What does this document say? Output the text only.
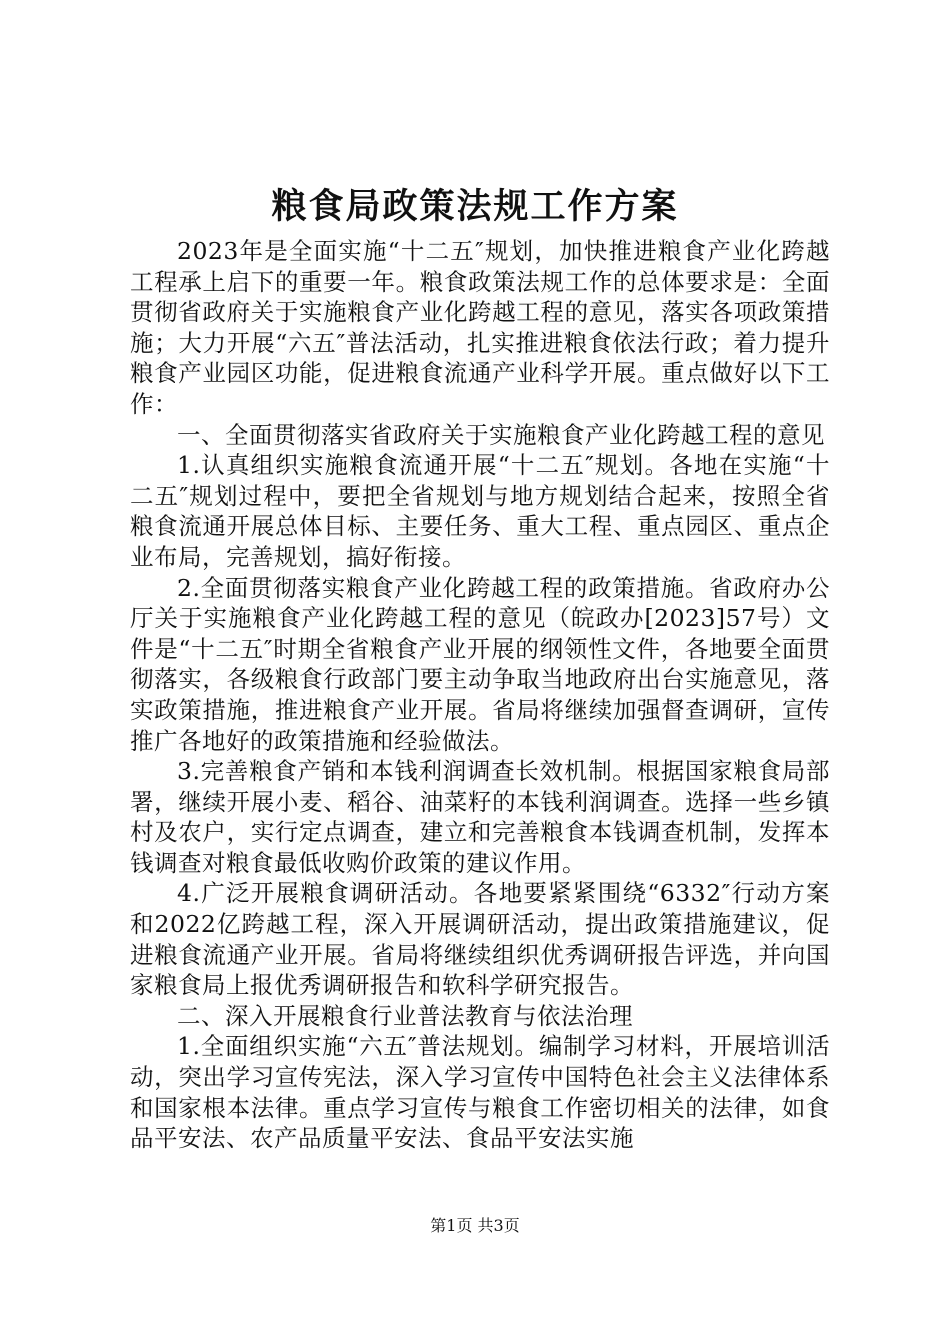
粮食局政策法规工作方案

2023年是全面实施“十二五″规划，加快推进粮食产业化跨越工程承上启下的重要一年。粮食政策法规工作的总体要求是：全面贯彻省政府关于实施粮食产业化跨越工程的意见，落实各项政策措施；大力开展“六五″普法活动，扎实推进粮食依法行政；着力提升粮食产业园区功能，促进粮食流通产业科学开展。重点做好以下工作：

一、全面贯彻落实省政府关于实施粮食产业化跨越工程的意见

1.认真组织实施粮食流通开展“十二五″规划。各地在实施“十二五″规划过程中，要把全省规划与地方规划结合起来，按照全省粮食流通开展总体目标、主要任务、重大工程、重点园区、重点企业布局，完善规划，搞好衔接。

2.全面贯彻落实粮食产业化跨越工程的政策措施。省政府办公厅关于实施粮食产业化跨越工程的意见（皖政办[2023]57号）文件是“十二五″时期全省粮食产业开展的纲领性文件，各地要全面贯彻落实，各级粮食行政部门要主动争取当地政府出台实施意见，落实政策措施，推进粮食产业开展。省局将继续加强督查调研，宣传推广各地好的政策措施和经验做法。

3.完善粮食产销和本钱利润调查长效机制。根据国家粮食局部署，继续开展小麦、稻谷、油菜籽的本钱利润调查。选择一些乡镇村及农户，实行定点调查，建立和完善粮食本钱调查机制，发挥本钱调查对粮食最低收购价政策的建议作用。

4.广泛开展粮食调研活动。各地要紧紧围绕“6332″行动方案和2022亿跨越工程，深入开展调研活动，提出政策措施建议，促进粮食流通产业开展。省局将继续组织优秀调研报告评选，并向国家粮食局上报优秀调研报告和软科学研究报告。

二、深入开展粮食行业普法教育与依法治理

1.全面组织实施“六五″普法规划。编制学习材料，开展培训活动，突出学习宣传宪法，深入学习宣传中国特色社会主义法律体系和国家根本法律。重点学习宣传与粮食工作密切相关的法律，如食品平安法、农产品质量平安法、食品平安法实施

第1页 共3页
